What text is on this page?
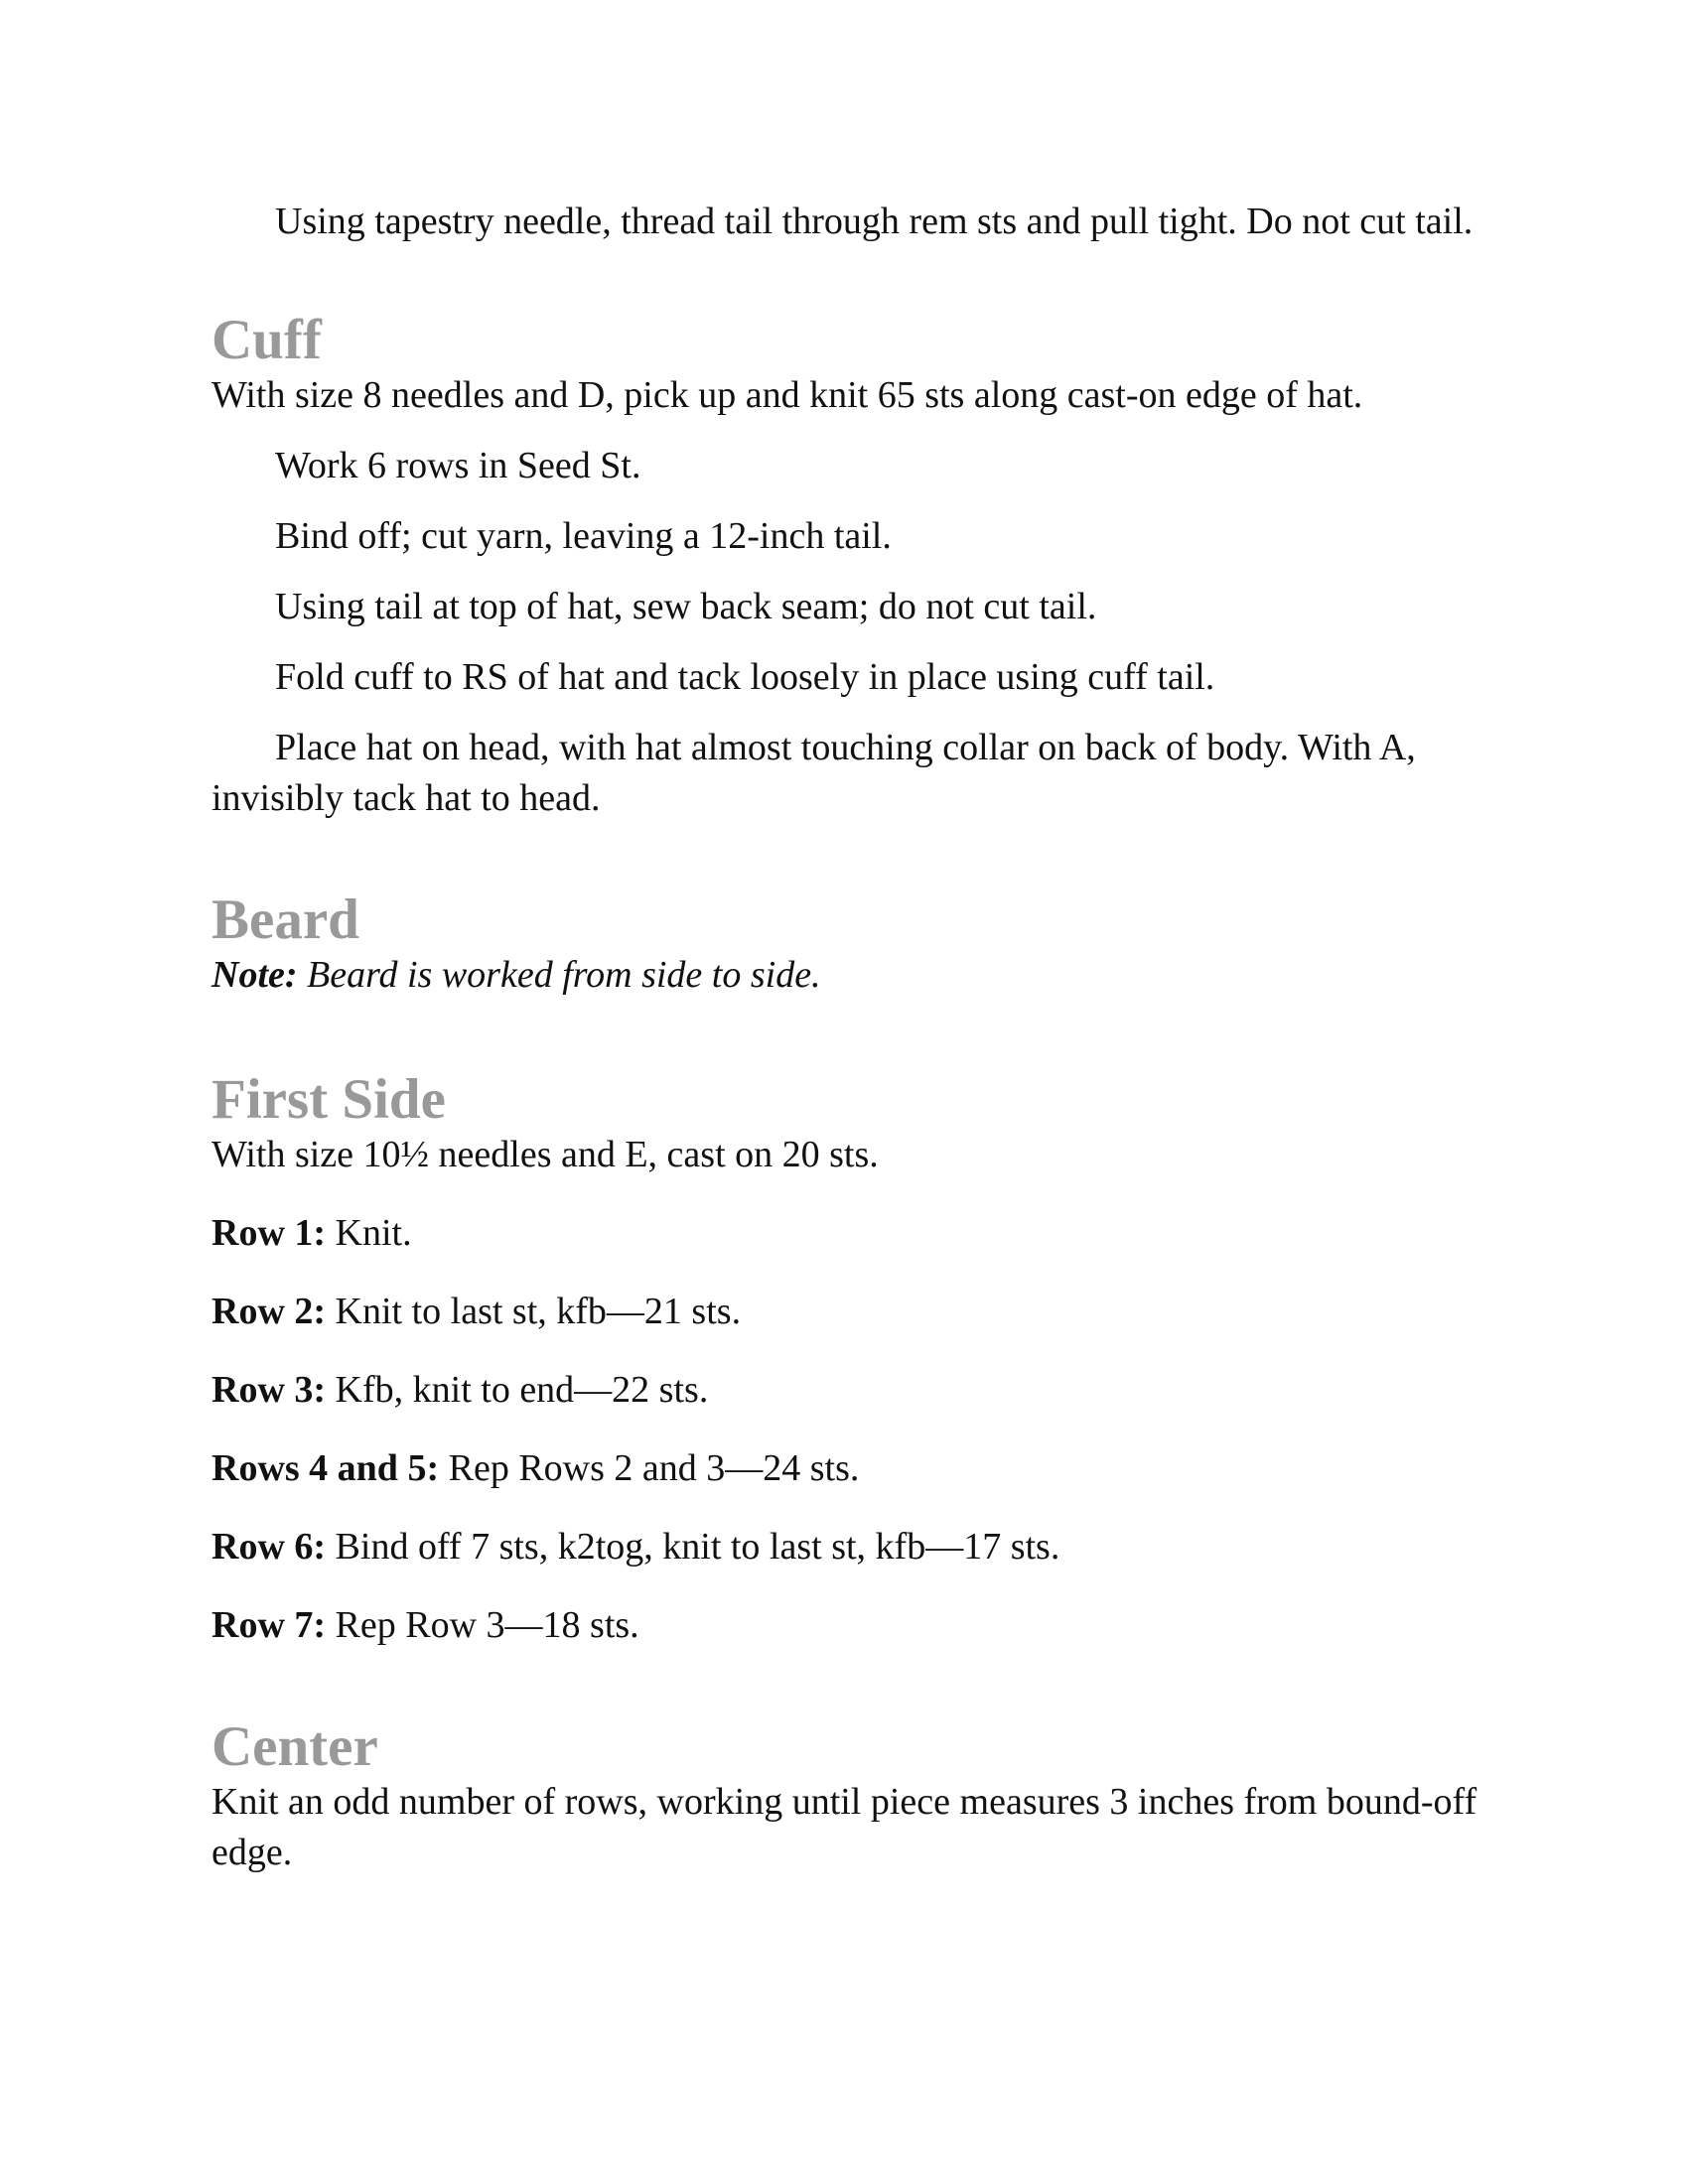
Using tapestry needle, thread tail through rem sts and pull tight. Do not cut tail.

Cuff

With size 8 needles and D, pick up and knit 65 sts along cast-on edge of hat.

Work 6 rows in Seed St.

Bind off; cut yarn, leaving a 12-inch tail.

Using tail at top of hat, sew back seam; do not cut tail.

Fold cuff to RS of hat and tack loosely in place using cuff tail.

Place hat on head, with hat almost touching collar on back of body. With A, invisibly tack hat to head.

Beard

Note: Beard is worked from side to side.

First Side

With size 10½ needles and E, cast on 20 sts.

Row 1: Knit.

Row 2: Knit to last st, kfb—21 sts.

Row 3: Kfb, knit to end—22 sts.

Rows 4 and 5: Rep Rows 2 and 3—24 sts.

Row 6: Bind off 7 sts, k2tog, knit to last st, kfb—17 sts.

Row 7: Rep Row 3—18 sts.

Center

Knit an odd number of rows, working until piece measures 3 inches from bound-off edge.
